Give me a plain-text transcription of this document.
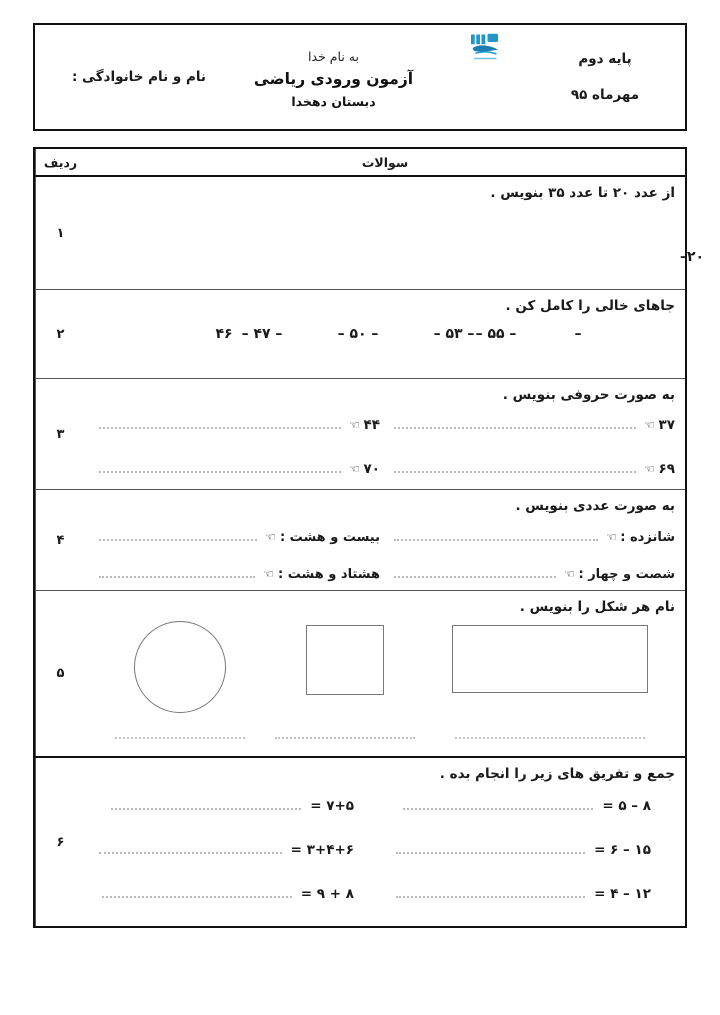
پایه دوم
مهرماه ۹۵
به نام خدا
آزمون ورودی ریاضی
دبستان دهخدا
نام و نام خانوادگی :
سوالات
ردیف
از عدد ۲۰ تا عدد ۳۵ بنویس .
۲۰–
۱
جاهای خالی را کامل کن .
–
– ۵۵ –
– ۵۳ –
– ۵۰ –
– ۴۷ –
۴۶
۲
به صورت حروفی بنویس .
۳۷
☞
۴۴
☞
۶۹
☞
۷۰
☞
۳
به صورت عددی بنویس .
شانزده :
☞
بیست و هشت :
☞
شصت و چهار :
☞
هشتاد و هشت :
☞
۴
نام هر شکل را بنویس .
۵
جمع و تفریق های زیر را انجام بده .
۸ – ۵ =
۷+۵ =
۱۵ – ۶ =
۳+۴+۶ =
۱۲ – ۴ =
۸ + ۹ =
۶
